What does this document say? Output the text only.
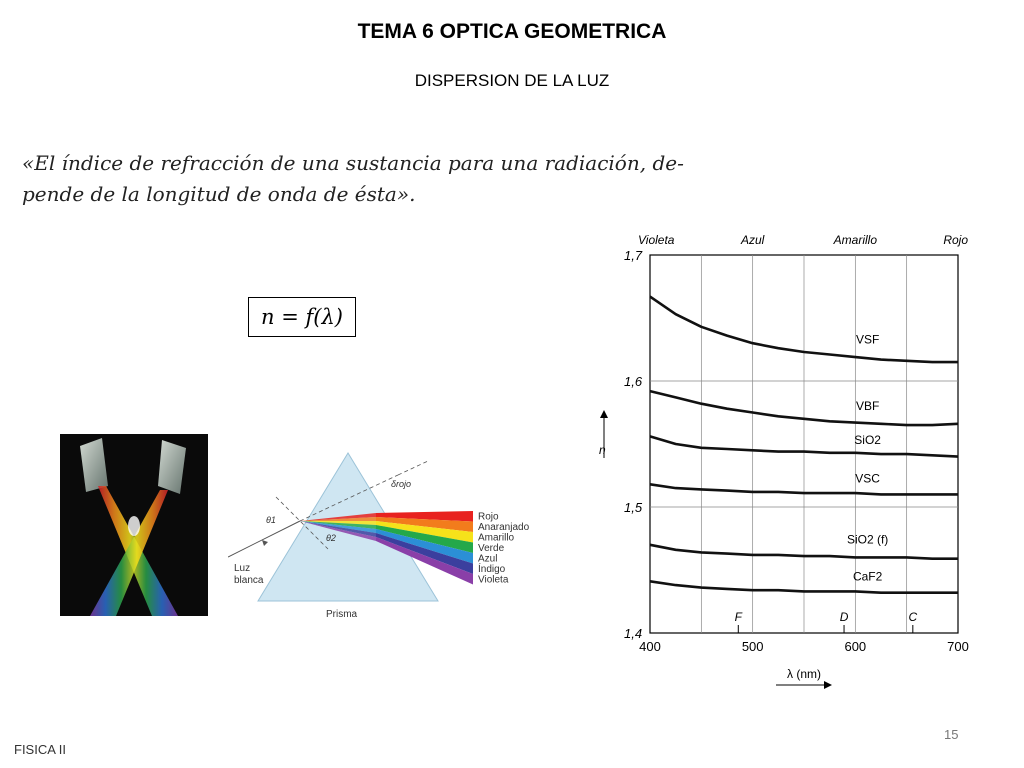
TEMA 6 OPTICA GEOMETRICA
DISPERSION DE LA LUZ
«El índice de refracción de una sustancia para una radiación, de-
pende de la longitud de onda de ésta».
n = f(λ)
Luz
blanca
Prisma
θ1
θ2
δrojo
Rojo
Anaranjado
Amarillo
Verde
Azul
Índigo
Violeta
1,4
1,5
1,6
1,7
400	500	600	700
Violeta	Azul	Amarillo	Rojo
F	D	C
n
λ (nm)
VSF
VBF
SiO2
VSC
SiO2 (f)
CaF2
FISICA II
15
